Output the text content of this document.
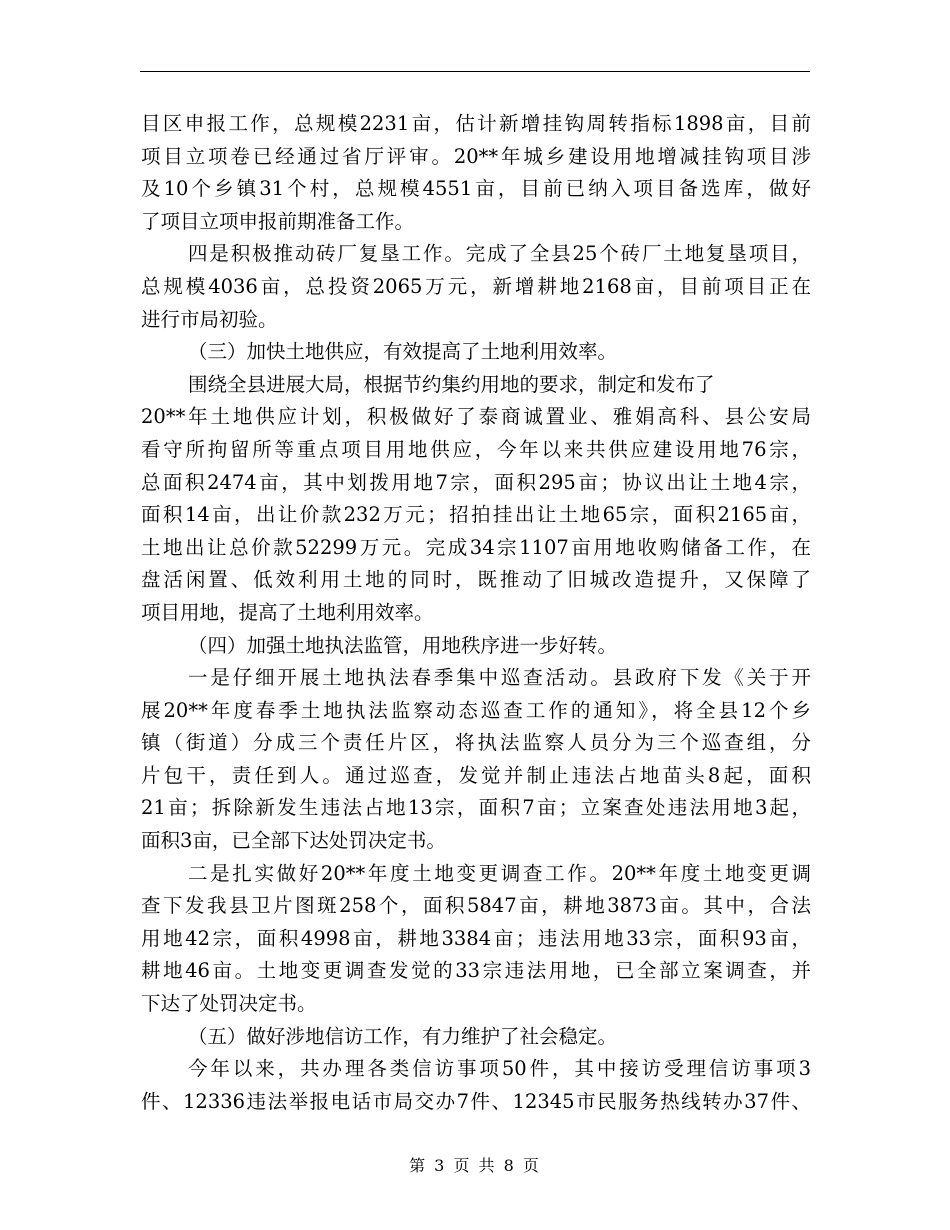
目区申报工作，总规模2231亩，估计新增挂钩周转指标1898亩，目前
项目立项卷已经通过省厅评审。20**年城乡建设用地增减挂钩项目涉
及10个乡镇31个村，总规模4551亩，目前已纳入项目备选库，做好
了项目立项申报前期准备工作。
四是积极推动砖厂复垦工作。完成了全县25个砖厂土地复垦项目，
总规模4036亩，总投资2065万元，新增耕地2168亩，目前项目正在
进行市局初验。
（三）加快土地供应，有效提高了土地利用效率。
围绕全县进展大局，根据节约集约用地的要求，制定和发布了
20**年土地供应计划，积极做好了泰商诚置业、雅娟高科、县公安局
看守所拘留所等重点项目用地供应，今年以来共供应建设用地76宗，
总面积2474亩，其中划拨用地7宗，面积295亩；协议出让土地4宗，
面积14亩，出让价款232万元；招拍挂出让土地65宗，面积2165亩，
土地出让总价款52299万元。完成34宗1107亩用地收购储备工作，在
盘活闲置、低效利用土地的同时，既推动了旧城改造提升，又保障了
项目用地，提高了土地利用效率。
（四）加强土地执法监管，用地秩序进一步好转。
一是仔细开展土地执法春季集中巡查活动。县政府下发《关于开
展20**年度春季土地执法监察动态巡查工作的通知》，将全县12个乡
镇（街道）分成三个责任片区，将执法监察人员分为三个巡查组，分
片包干，责任到人。通过巡查，发觉并制止违法占地苗头8起，面积
21亩；拆除新发生违法占地13宗，面积7亩；立案查处违法用地3起，
面积3亩，已全部下达处罚决定书。
二是扎实做好20**年度土地变更调查工作。20**年度土地变更调
查下发我县卫片图斑258个，面积5847亩，耕地3873亩。其中，合法
用地42宗，面积4998亩，耕地3384亩；违法用地33宗，面积93亩，
耕地46亩。土地变更调查发觉的33宗违法用地，已全部立案调查，并
下达了处罚决定书。
（五）做好涉地信访工作，有力维护了社会稳定。
今年以来，共办理各类信访事项50件，其中接访受理信访事项3
件、12336违法举报电话市局交办7件、12345市民服务热线转办37件、
第 3 页 共 8 页
